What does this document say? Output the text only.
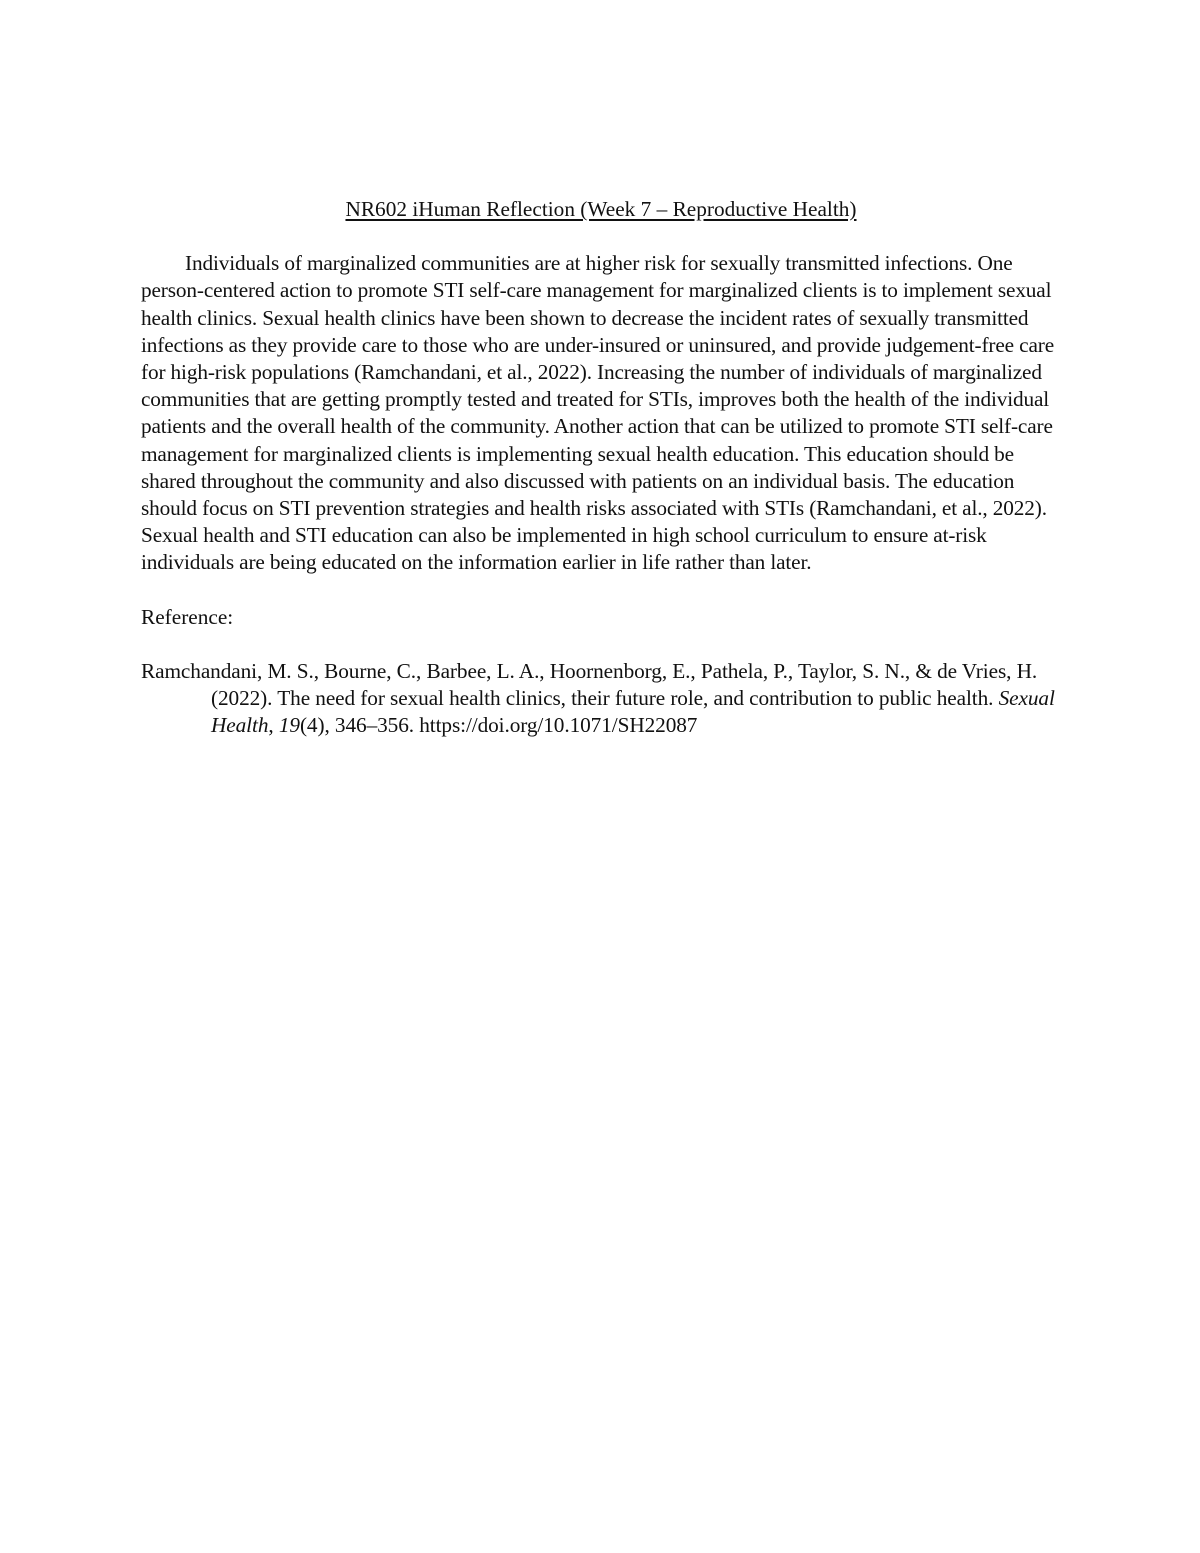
NR602 iHuman Reflection (Week 7 – Reproductive Health)

Individuals of marginalized communities are at higher risk for sexually transmitted infections. One person-centered action to promote STI self-care management for marginalized clients is to implement sexual health clinics. Sexual health clinics have been shown to decrease the incident rates of sexually transmitted infections as they provide care to those who are under-insured or uninsured, and provide judgement-free care for high-risk populations (Ramchandani, et al., 2022). Increasing the number of individuals of marginalized communities that are getting promptly tested and treated for STIs, improves both the health of the individual patients and the overall health of the community. Another action that can be utilized to promote STI self-care management for marginalized clients is implementing sexual health education. This education should be shared throughout the community and also discussed with patients on an individual basis. The education should focus on STI prevention strategies and health risks associated with STIs (Ramchandani, et al., 2022). Sexual health and STI education can also be implemented in high school curriculum to ensure at-risk individuals are being educated on the information earlier in life rather than later.

Reference:

Ramchandani, M. S., Bourne, C., Barbee, L. A., Hoornenborg, E., Pathela, P., Taylor, S. N., & de Vries, H. (2022). The need for sexual health clinics, their future role, and contribution to public health. Sexual Health, 19(4), 346–356. https://doi.org/10.1071/SH22087
